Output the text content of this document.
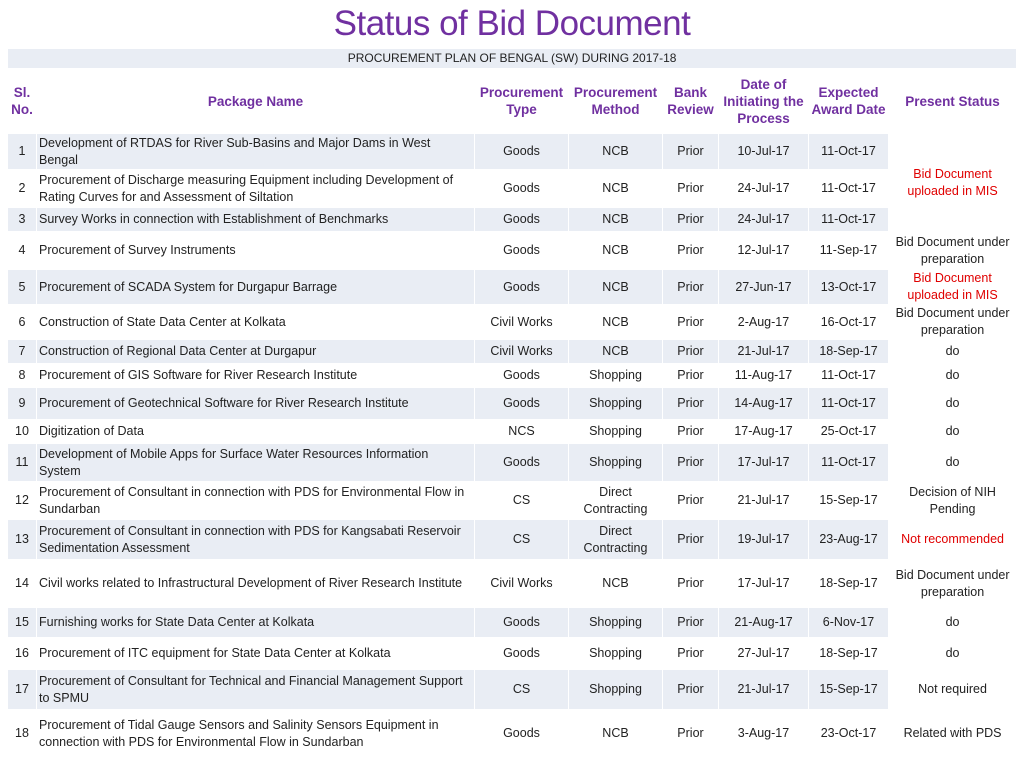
Status of Bid Document
PROCUREMENT PLAN OF BENGAL (SW) DURING 2017-18							
Sl. No.	Package Name	Procurement Type	Procurement Method	Bank Review	Date of Initiating the Process	Expected Award Date	Present Status
1	Development of RTDAS for River Sub-Basins and Major Dams in West Bengal	Goods	NCB	Prior	10-Jul-17	11-Oct-17	Bid Document uploaded in MIS
2	Procurement of Discharge measuring Equipment including Development of Rating Curves for and Assessment of Siltation	Goods	NCB	Prior	24-Jul-17	11-Oct-17	
3	Survey Works in connection with Establishment of Benchmarks	Goods	NCB	Prior	24-Jul-17	11-Oct-17	
4	Procurement of Survey Instruments	Goods	NCB	Prior	12-Jul-17	11-Sep-17	Bid Document under preparation
5	Procurement of SCADA System for Durgapur Barrage	Goods	NCB	Prior	27-Jun-17	13-Oct-17	Bid Document uploaded in MIS
6	Construction of State Data Center at Kolkata	Civil Works	NCB	Prior	2-Aug-17	16-Oct-17	Bid Document under preparation
7	Construction of Regional Data Center at Durgapur	Civil Works	NCB	Prior	21-Jul-17	18-Sep-17	do
8	Procurement of GIS Software for River Research Institute	Goods	Shopping	Prior	11-Aug-17	11-Oct-17	do
9	Procurement of Geotechnical Software for River Research Institute	Goods	Shopping	Prior	14-Aug-17	11-Oct-17	do
10	Digitization of Data	NCS	Shopping	Prior	17-Aug-17	25-Oct-17	do
11	Development of Mobile Apps for Surface Water Resources Information System	Goods	Shopping	Prior	17-Jul-17	11-Oct-17	do
12	Procurement of Consultant in connection with PDS for Environmental Flow in Sundarban	CS	Direct Contracting	Prior	21-Jul-17	15-Sep-17	Decision of NIH Pending
13	Procurement of Consultant in connection with PDS for Kangsabati Reservoir Sedimentation Assessment	CS	Direct Contracting	Prior	19-Jul-17	23-Aug-17	Not recommended
14	Civil works related to Infrastructural Development of River Research Institute	Civil Works	NCB	Prior	17-Jul-17	18-Sep-17	Bid Document under preparation
15	Furnishing works for State Data Center at Kolkata	Goods	Shopping	Prior	21-Aug-17	6-Nov-17	do
16	Procurement of ITC equipment for State Data Center at Kolkata	Goods	Shopping	Prior	27-Jul-17	18-Sep-17	do
17	Procurement of Consultant for Technical and Financial Management Support to SPMU	CS	Shopping	Prior	21-Jul-17	15-Sep-17	Not required
18	Procurement of Tidal Gauge Sensors and Salinity Sensors Equipment in connection with PDS for Environmental Flow in Sundarban	Goods	NCB	Prior	3-Aug-17	23-Oct-17	Related with PDS
